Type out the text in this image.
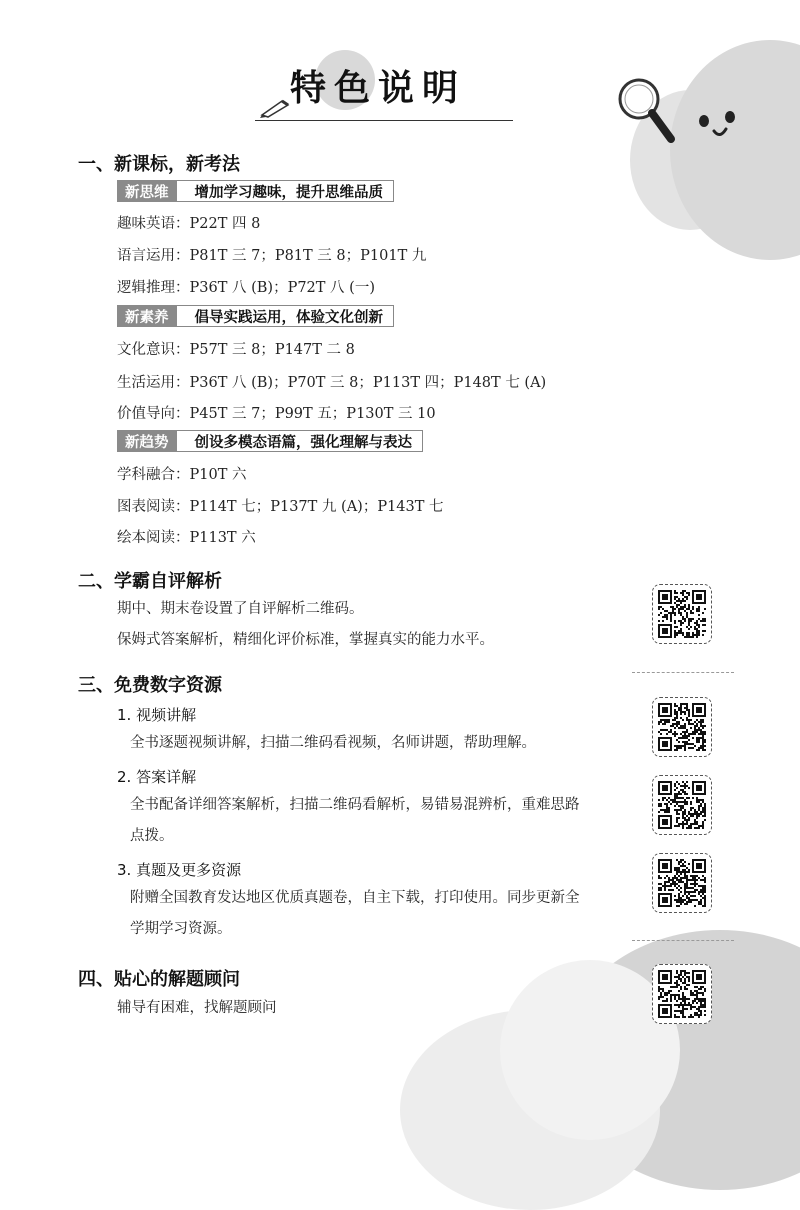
特色说明
一、新课标，新考法
新思维	增加学习趣味，提升思维品质
趣味英语：P22T 四 8
语言运用：P81T 三 7；P81T 三 8；P101T 九
逻辑推理：P36T 八 (B)；P72T 八 (一)
新素养	倡导实践运用，体验文化创新
文化意识：P57T 三 8；P147T 二 8
生活运用：P36T 八 (B)；P70T 三 8；P113T 四；P148T 七 (A)
价值导向：P45T 三 7；P99T 五；P130T 三 10
新趋势	创设多模态语篇，强化理解与表达
学科融合：P10T 六
图表阅读：P114T 七；P137T 九 (A)；P143T 七
绘本阅读：P113T 六
二、学霸自评解析
期中、期末卷设置了自评解析二维码。
保姆式答案解析，精细化评价标准，掌握真实的能力水平。
三、免费数字资源
1. 视频讲解
全书逐题视频讲解，扫描二维码看视频，名师讲题，帮助理解。
2. 答案详解
全书配备详细答案解析，扫描二维码看解析，易错易混辨析，重难思路点拨。
3. 真题及更多资源
附赠全国教育发达地区优质真题卷，自主下载，打印使用。同步更新全学期学习资源。
四、贴心的解题顾问
辅导有困难，找解题顾问
